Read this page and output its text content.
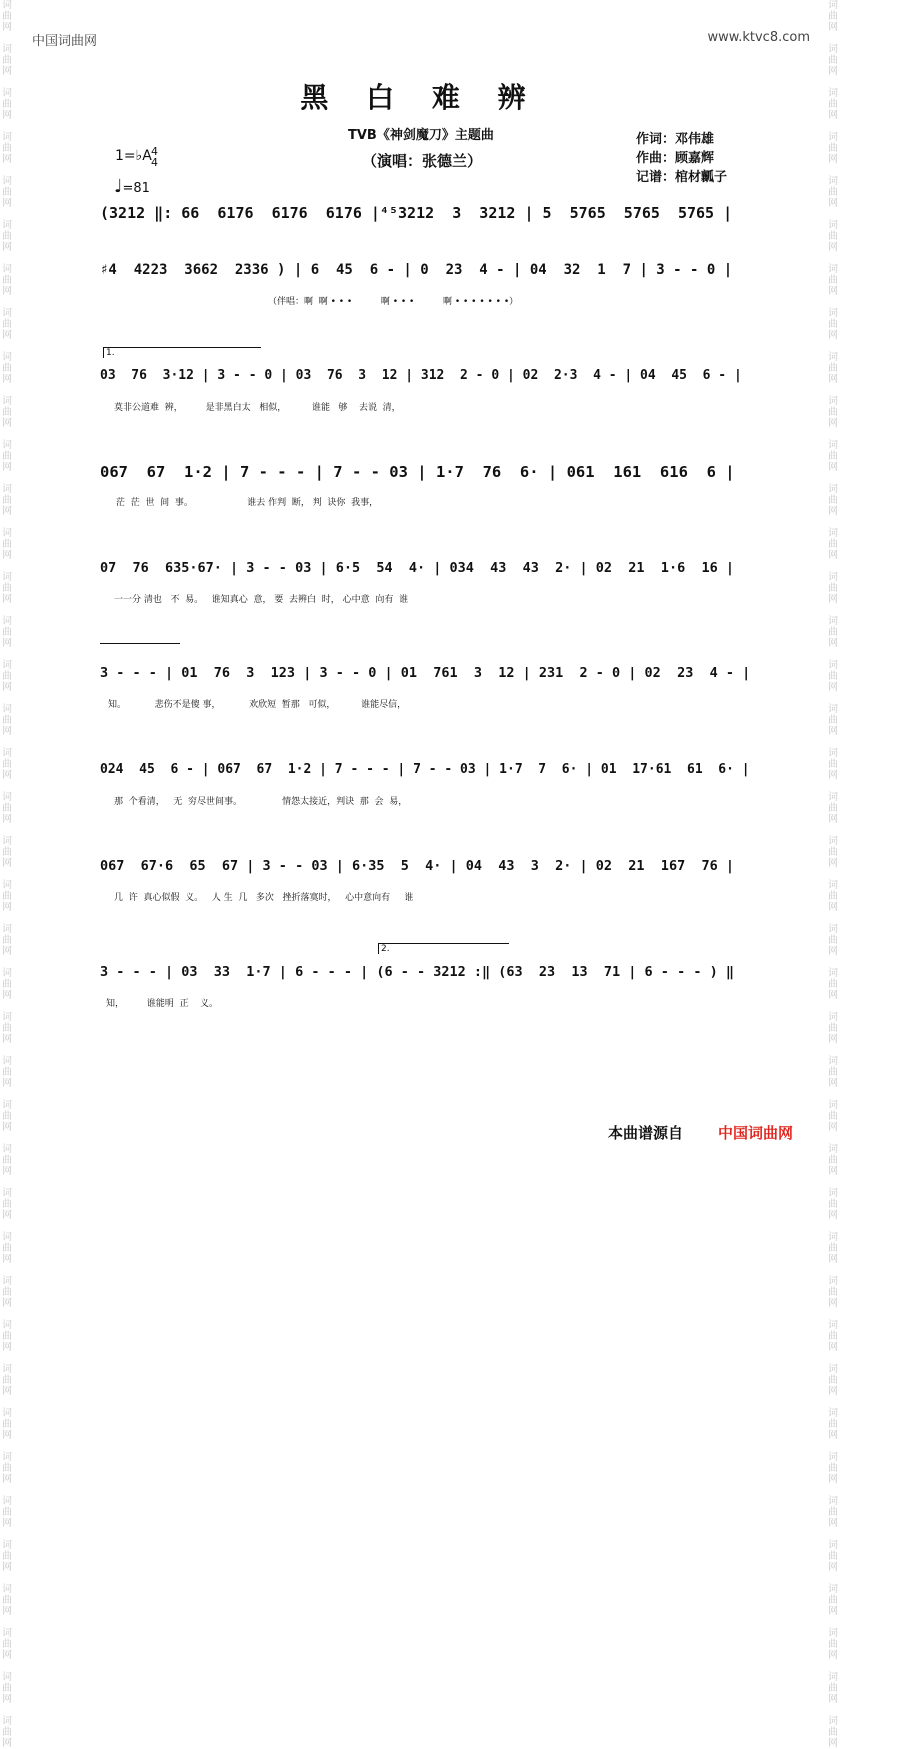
词
曲
网

词
曲
网

词
曲
网

词
曲
网

词
曲
网

词
曲
网

词
曲
网

词
曲
网

词
曲
网

词
曲
网

词
曲
网

词
曲
网

词
曲
网

词
曲
网

词
曲
网

词
曲
网

词
曲
网

词
曲
网

词
曲
网

词
曲
网

词
曲
网

词
曲
网

词
曲
网

词
曲
网

词
曲
网

词
曲
网

词
曲
网

词
曲
网

词
曲
网

词
曲
网

词
曲
网

词
曲
网

词
曲
网

词
曲
网

词
曲
网

词
曲
网

词
曲
网

词
曲
网

词
曲
网

词
曲
网

词
曲
网

词
曲
网

词
曲
网

词
曲
网

词
曲
网

词
曲
网

词
曲
网

词
曲
网

词
曲
网

词
曲
网

词
曲
网

词
曲
网

词
曲
网

词
曲
网

词
曲
网

词
曲
网

词
曲
网

词
曲
网

词
曲
网

词
曲
网

词
曲
网

词
曲
网

词
曲
网

词
曲
网

词
曲
网

词
曲
网

词
曲
网

词
曲
网

词
曲
网

词
曲
网

词
曲
网

词
曲
网

词
曲
网

词
曲
网

词
曲
网

词
曲
网

词
曲
网

词
曲
网

词
曲
网

词
曲
网

中国词曲网	www.ktvc8.com
黑 白 难 辨
TVB《神剑魔刀》主题曲
（演唱：张德兰）
作词：邓伟雄
作曲：顾嘉辉
记谱：棺材瓤子
1=♭A 4
4
♩=81
(3212 ‖: 66  6176  6176  6176 |⁴⁵3212  3  3212 | 5  5765  5765  5765 |
♯4  4223  3662  2336 ) | 6  45  6 - | 0  23  4 - | 04  32  1  7 | 3 - - 0 |
（伴唱：啊  啊 • • •          啊 • • •          啊 • • • • • • •）
1.
03  76  3·12 | 3 - - 0 | 03  76  3  12 | 312  2 - 0 | 02  2·3  4 - | 04  45  6 - |
莫非公道难  辨，        是非黑白太   相似，         谁能   够    去说  清，
067  67  1·2 | 7 - - - | 7 - - 03 | 1·7  76  6· | 061  161  616  6 |
茫  茫  世  间  事。                   谁去 作判  断， 判  诀你  我事，
07  76  635·67· | 3 - - 03 | 6·5  54  4· | 034  43  43  2· | 02  21  1·6  16 |
一一分 清也   不  易。   谁知真心  意， 要  去辨白  时， 心中意  向有  谁
3 - - - | 01  76  3  123 | 3 - - 0 | 01  761  3  12 | 231  2 - 0 | 02  23  4 - |
知。          悲伤不是傻 事，          欢欣短  暂那   可似，         谁能尽信，
024  45  6 - | 067  67  1·2 | 7 - - - | 7 - - 03 | 1·7  7  6· | 01  17·61  61  6· |
那  个看清，   无  穷尽世间事。              情怨太接近，判诀  那  会  易，
067  67·6  65  67 | 3 - - 03 | 6·35  5  4· | 04  43  3  2· | 02  21  167  76 |
几  许  真心似假  义。   人 生  几   多次   挫折落寞时，   心中意向有     谁
2.
3 - - - | 03  33  1·7 | 6 - - - | (6 - - 3212 :‖ (63  23  13  71 | 6 - - - ) ‖
知，        谁能明  正    义。
本曲谱源自 中国词曲网
